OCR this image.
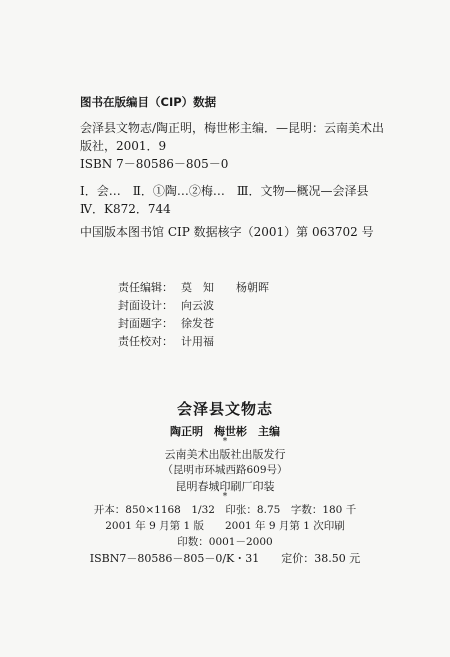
图书在版编目（CIP）数据
会泽县文物志/陶正明，梅世彬主编．—昆明：云南美术出
版社，2001．9
ISBN 7－80586－805－0
Ⅰ．会…　Ⅱ．①陶…②梅…　Ⅲ．文物—概况—会泽县
Ⅳ．K872．744
中国版本图书馆 CIP 数据核字（2001）第 063702 号
责任编辑： 莫　知　　杨朝晖
封面设计： 向云波
封面题字： 徐发苍
责任校对： 计用福
会泽县文物志
陶正明　梅世彬　主编
*
云南美术出版社出版发行
（昆明市环城西路609号）
昆明春城印刷厂印装
*
开本：850×1168　1/32　印张：8.75　字数：180 千
2001 年 9 月第 1 版　　2001 年 9 月第 1 次印刷
印数：0001－2000
ISBN7－80586－805－0/K・31　　定价：38.50 元
